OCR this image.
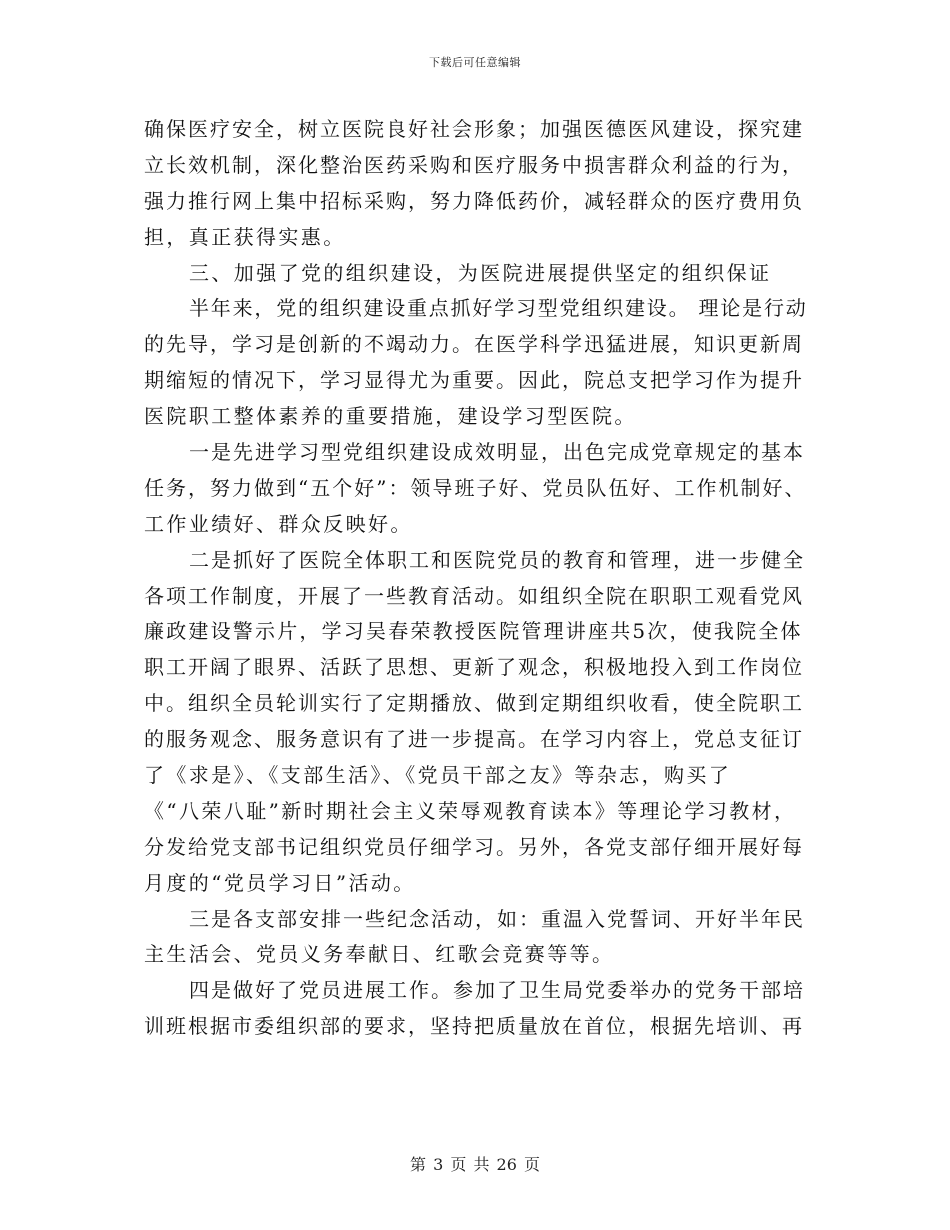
下载后可任意编辑
确保医疗安全，树立医院良好社会形象；加强医德医风建设，探究建
立长效机制，深化整治医药采购和医疗服务中损害群众利益的行为，
强力推行网上集中招标采购，努力降低药价，减轻群众的医疗费用负
担，真正获得实惠。
三、加强了党的组织建设，为医院进展提供坚定的组织保证
半年来，党的组织建设重点抓好学习型党组织建设。 理论是行动
的先导，学习是创新的不竭动力。在医学科学迅猛进展，知识更新周
期缩短的情况下，学习显得尤为重要。因此，院总支把学习作为提升
医院职工整体素养的重要措施，建设学习型医院。
一是先进学习型党组织建设成效明显，出色完成党章规定的基本
任务，努力做到“五个好”：领导班子好、党员队伍好、工作机制好、
工作业绩好、群众反映好。
二是抓好了医院全体职工和医院党员的教育和管理，进一步健全
各项工作制度，开展了一些教育活动。如组织全院在职职工观看党风
廉政建设警示片，学习吴春荣教授医院管理讲座共5次，使我院全体
职工开阔了眼界、活跃了思想、更新了观念，积极地投入到工作岗位
中。组织全员轮训实行了定期播放、做到定期组织收看，使全院职工
的服务观念、服务意识有了进一步提高。在学习内容上，党总支征订
了《求是》、《支部生活》、《党员干部之友》等杂志，购买了
《“八荣八耻”新时期社会主义荣辱观教育读本》等理论学习教材，
分发给党支部书记组织党员仔细学习。另外，各党支部仔细开展好每
月度的“党员学习日”活动。
三是各支部安排一些纪念活动，如：重温入党誓词、开好半年民
主生活会、党员义务奉献日、红歌会竞赛等等。
四是做好了党员进展工作。参加了卫生局党委举办的党务干部培
训班根据市委组织部的要求，坚持把质量放在首位，根据先培训、再
第 3 页 共 26 页
